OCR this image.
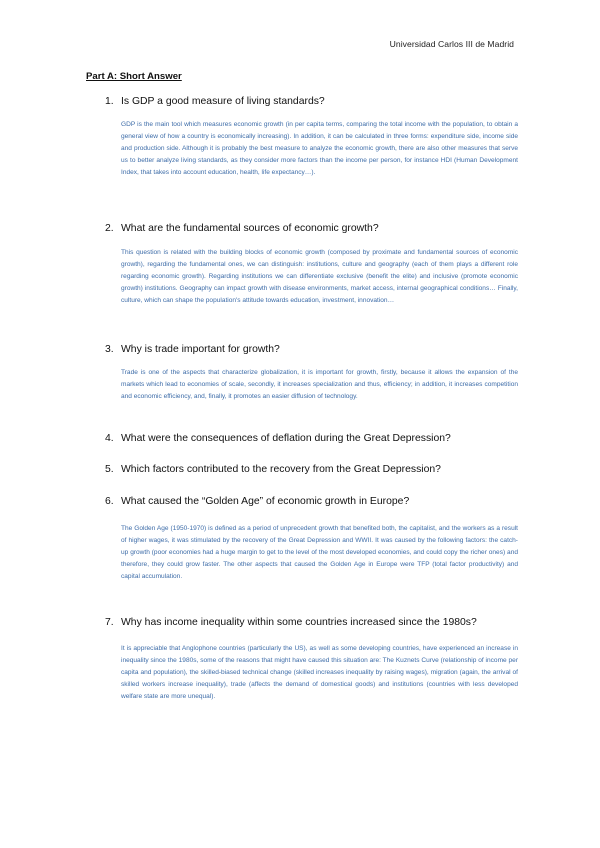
Universidad Carlos III de Madrid
Part A: Short Answer
1. Is GDP a good measure of living standards?
GDP is the main tool which measures economic growth (in per capita terms, comparing the total income with the population, to obtain a general view of how a country is economically increasing). In addition, it can be calculated in three forms: expenditure side, income side and production side. Although it is probably the best measure to analyze the economic growth, there are also other measures that serve us to better analyze living standards, as they consider more factors than the income per person, for instance HDI (Human Development Index, that takes into account education, health, life expectancy…).
2. What are the fundamental sources of economic growth?
This question is related with the building blocks of economic growth (composed by proximate and fundamental sources of economic growth), regarding the fundamental ones, we can distinguish: institutions, culture and geography (each of them plays a different role regarding economic growth). Regarding institutions we can differentiate exclusive (benefit the elite) and inclusive (promote economic growth) institutions. Geography can impact growth with disease environments, market access, internal geographical conditions… Finally, culture, which can shape the population's attitude towards education, investment, innovation…
3. Why is trade important for growth?
Trade is one of the aspects that characterize globalization, it is important for growth, firstly, because it allows the expansion of the markets which lead to economies of scale, secondly, it increases specialization and thus, efficiency; in addition, it increases competition and economic efficiency, and, finally, it promotes an easier diffusion of technology.
4. What were the consequences of deflation during the Great Depression?
5. Which factors contributed to the recovery from the Great Depression?
6. What caused the “Golden Age” of economic growth in Europe?
The Golden Age (1950-1970) is defined as a period of unprecedent growth that benefited both, the capitalist, and the workers as a result of higher wages, it was stimulated by the recovery of the Great Depression and WWII. It was caused by the following factors: the catch-up growth (poor economies had a huge margin to get to the level of the most developed economies, and could copy the richer ones) and therefore, they could grow faster. The other aspects that caused the Golden Age in Europe were TFP (total factor productivity) and capital accumulation.
7. Why has income inequality within some countries increased since the 1980s?
It is appreciable that Anglophone countries (particularly the US), as well as some developing countries, have experienced an increase in inequality since the 1980s, some of the reasons that might have caused this situation are: The Kuznets Curve (relationship of income per capita and population), the skilled-biased technical change (skilled increases inequality by raising wages), migration (again, the arrival of skilled workers increase inequality), trade (affects the demand of domestical goods) and institutions (countries with less developed welfare state are more unequal).
